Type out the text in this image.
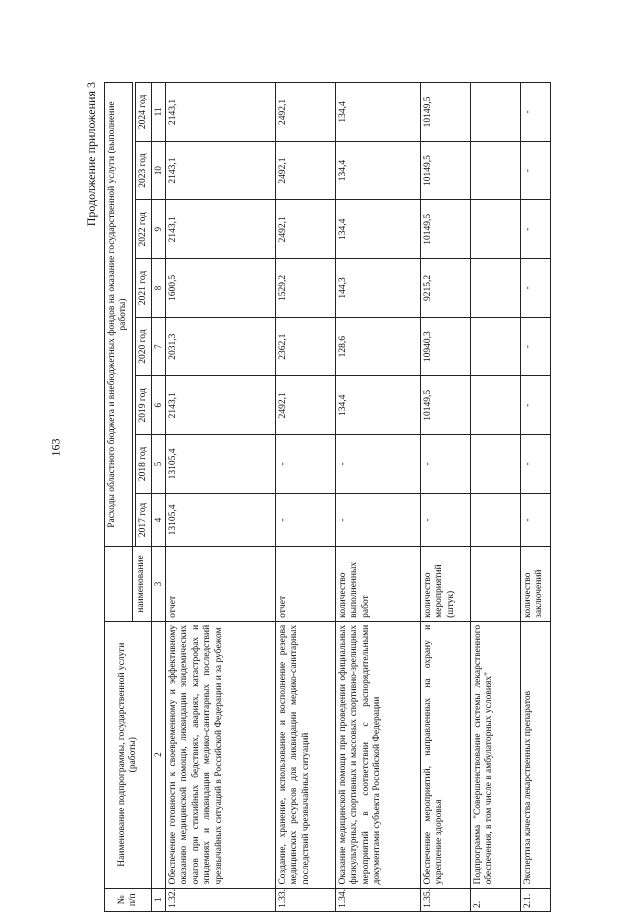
163
Продолжение приложения 3
№ п/п	Наименование подпрограммы, государственной услуги (работы)		Расходы областного бюджета и внебюджетных фондов на оказание государственной услуги (выполнение работы)							
		наименование								
			2017 год	2018 год	2019 год	2020 год	2021 год	2022 год	2023 год	2024 год
1	2	3	4	5	6	7	8	9	10	11
1.32.	Обеспечение готовности к своевременному и эффективному оказанию медицинской помощи, ликвидации эпидемических очагов при стихийных бедствиях, авариях, катастрофах и эпидемиях и ликвидация медико-санитарных последствий чрезвычайных ситуаций в Российской Федерации и за рубежом	отчет	13105,4	13105,4	2143,1	2031,3	1600,5	2143,1	2143,1	2143,1
1.33.	Создание, хранение, использование и восполнение резерва медицинских ресурсов для ликвидации медико-санитарных последствий чрезвычайных ситуаций	отчет	-	-	2492,1	2362,1	1529,2	2492,1	2492,1	2492,1
1.34.	Оказание медицинской помощи при проведении официальных физкультурных, спортивных и массовых спортивно-зрелищных мероприятий в соответствии с распорядительными документами субъекта Российской Федерации	количество выполненных работ	-	-	134,4	128,6	144,3	134,4	134,4	134,4
1.35.	Обеспечение мероприятий, направленных на охрану и укрепление здоровья	количество мероприятий (штук)	-	-	10149,5	10940,3	9215,2	10149,5	10149,5	10149,5
2.	Подпрограмма "Совершенствование системы лекарственного обеспечения, в том числе в амбулаторных условиях"									
2.1.	Экспертиза качества лекарственных препаратов	количество заключений	-	-	-	-	-	-	-	-
